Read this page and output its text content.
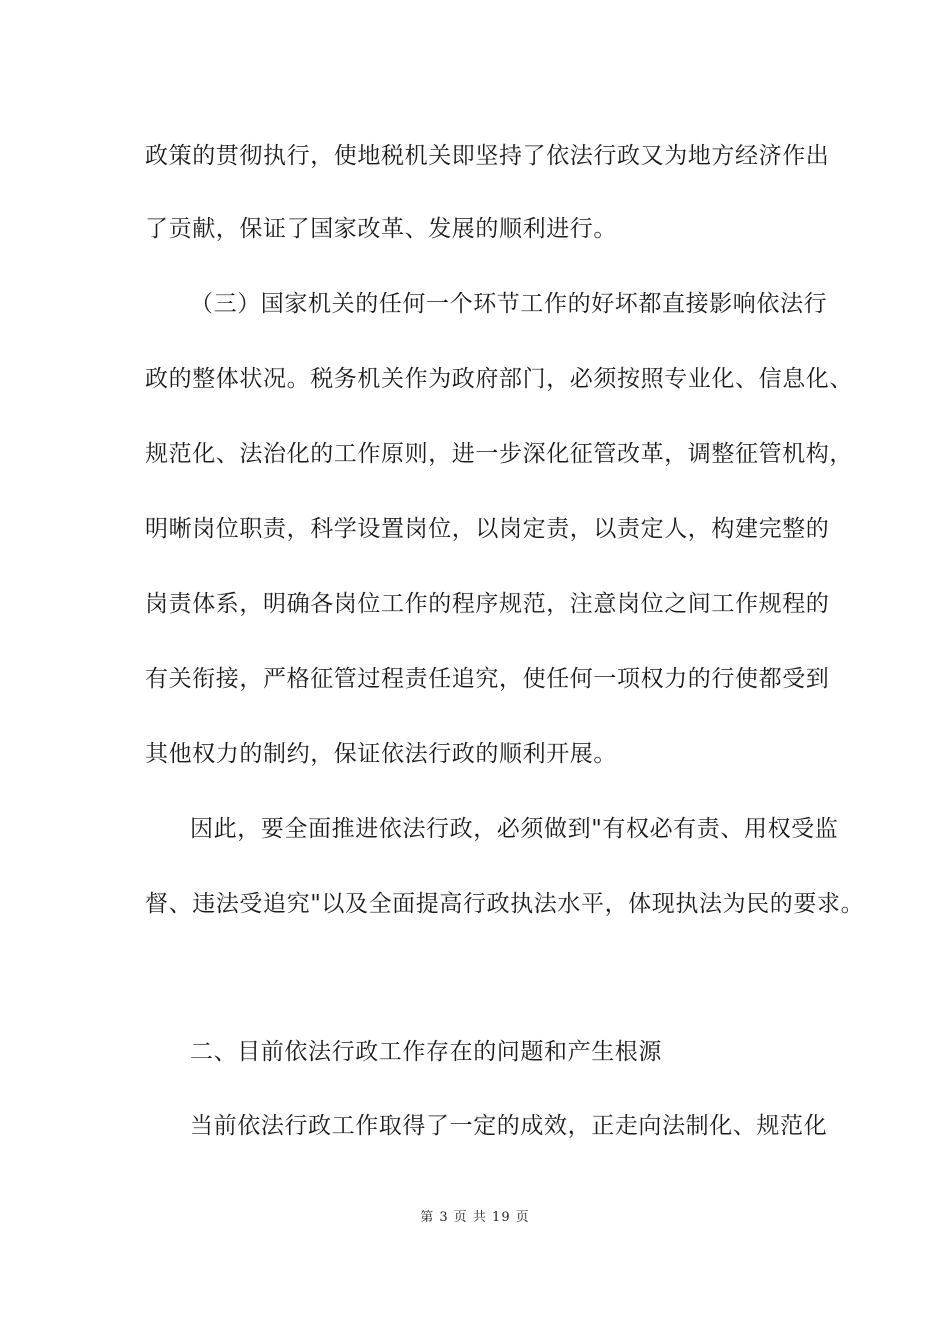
政策的贯彻执行，使地税机关即坚持了依法行政又为地方经济作出
了贡献，保证了国家改革、发展的顺利进行。
（三）国家机关的任何一个环节工作的好坏都直接影响依法行
政的整体状况。税务机关作为政府部门，必须按照专业化、信息化、
规范化、法治化的工作原则，进一步深化征管改革，调整征管机构，
明晰岗位职责，科学设置岗位，以岗定责，以责定人，构建完整的
岗责体系，明确各岗位工作的程序规范，注意岗位之间工作规程的
有关衔接，严格征管过程责任追究，使任何一项权力的行使都受到
其他权力的制约，保证依法行政的顺利开展。
因此，要全面推进依法行政，必须做到"有权必有责、用权受监
督、违法受追究"以及全面提高行政执法水平，体现执法为民的要求。
二、目前依法行政工作存在的问题和产生根源
当前依法行政工作取得了一定的成效，正走向法制化、规范化
第 3 页 共 19 页
